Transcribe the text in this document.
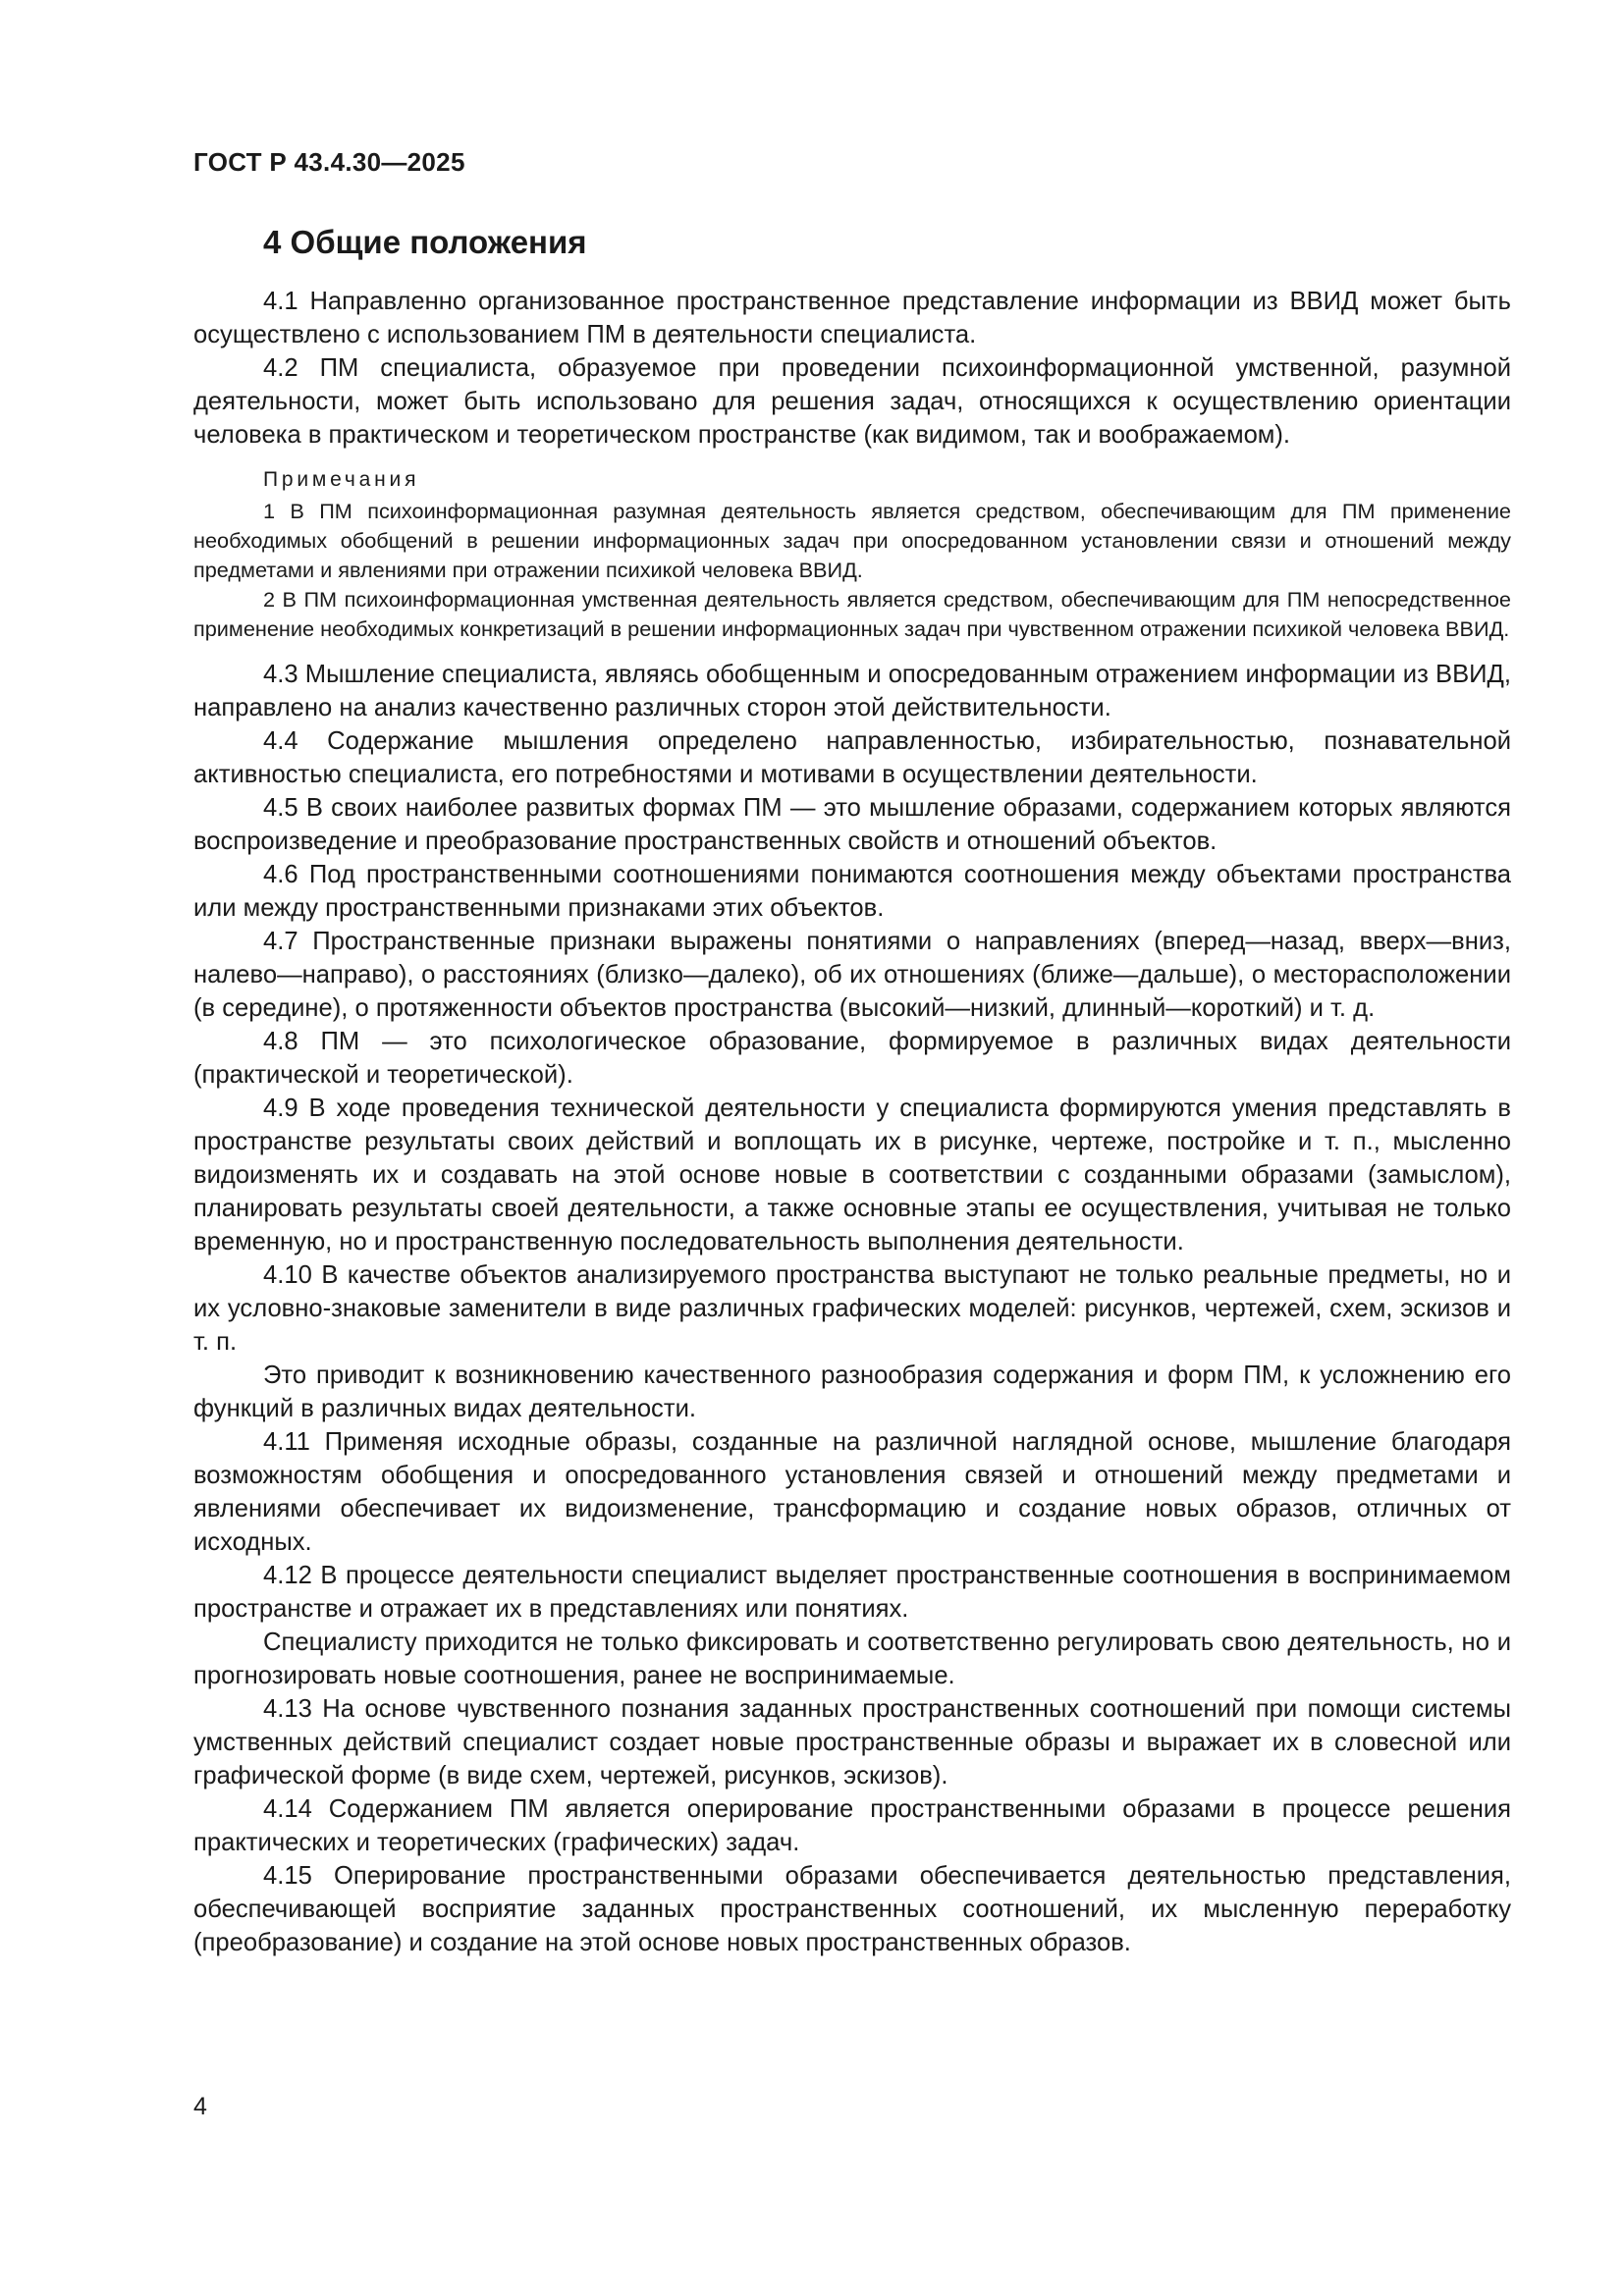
ГОСТ Р 43.4.30—2025
4 Общие положения

4.1 Направленно организованное пространственное представление информации из ВВИД может быть осуществлено с использованием ПМ в деятельности специалиста.

4.2 ПМ специалиста, образуемое при проведении психоинформационной умственной, разумной деятельности, может быть использовано для решения задач, относящихся к осуществлению ориентации человека в практическом и теоретическом пространстве (как видимом, так и воображаемом).

Примечания

1 В ПМ психоинформационная разумная деятельность является средством, обеспечивающим для ПМ применение необходимых обобщений в решении информационных задач при опосредованном установлении связи и отношений между предметами и явлениями при отражении психикой человека ВВИД.

2 В ПМ психоинформационная умственная деятельность является средством, обеспечивающим для ПМ непосредственное применение необходимых конкретизаций в решении информационных задач при чувственном отражении психикой человека ВВИД.

4.3 Мышление специалиста, являясь обобщенным и опосредованным отражением информации из ВВИД, направлено на анализ качественно различных сторон этой действительности.

4.4 Содержание мышления определено направленностью, избирательностью, познавательной активностью специалиста, его потребностями и мотивами в осуществлении деятельности.

4.5 В своих наиболее развитых формах ПМ — это мышление образами, содержанием которых являются воспроизведение и преобразование пространственных свойств и отношений объектов.

4.6 Под пространственными соотношениями понимаются соотношения между объектами пространства или между пространственными признаками этих объектов.

4.7 Пространственные признаки выражены понятиями о направлениях (вперед—назад, вверх—вниз, налево—направо), о расстояниях (близко—далеко), об их отношениях (ближе—дальше), о месторасположении (в середине), о протяженности объектов пространства (высокий—низкий, длинный—короткий) и т. д.

4.8 ПМ — это психологическое образование, формируемое в различных видах деятельности (практической и теоретической).

4.9 В ходе проведения технической деятельности у специалиста формируются умения представлять в пространстве результаты своих действий и воплощать их в рисунке, чертеже, постройке и т. п., мысленно видоизменять их и создавать на этой основе новые в соответствии с созданными образами (замыслом), планировать результаты своей деятельности, а также основные этапы ее осуществления, учитывая не только временную, но и пространственную последовательность выполнения деятельности.

4.10 В качестве объектов анализируемого пространства выступают не только реальные предметы, но и их условно-знаковые заменители в виде различных графических моделей: рисунков, чертежей, схем, эскизов и т. п.

Это приводит к возникновению качественного разнообразия содержания и форм ПМ, к усложнению его функций в различных видах деятельности.

4.11 Применяя исходные образы, созданные на различной наглядной основе, мышление благодаря возможностям обобщения и опосредованного установления связей и отношений между предметами и явлениями обеспечивает их видоизменение, трансформацию и создание новых образов, отличных от исходных.

4.12 В процессе деятельности специалист выделяет пространственные соотношения в воспринимаемом пространстве и отражает их в представлениях или понятиях.

Специалисту приходится не только фиксировать и соответственно регулировать свою деятельность, но и прогнозировать новые соотношения, ранее не воспринимаемые.

4.13 На основе чувственного познания заданных пространственных соотношений при помощи системы умственных действий специалист создает новые пространственные образы и выражает их в словесной или графической форме (в виде схем, чертежей, рисунков, эскизов).

4.14 Содержанием ПМ является оперирование пространственными образами в процессе решения практических и теоретических (графических) задач.

4.15 Оперирование пространственными образами обеспечивается деятельностью представления, обеспечивающей восприятие заданных пространственных соотношений, их мысленную переработку (преобразование) и создание на этой основе новых пространственных образов.

4
